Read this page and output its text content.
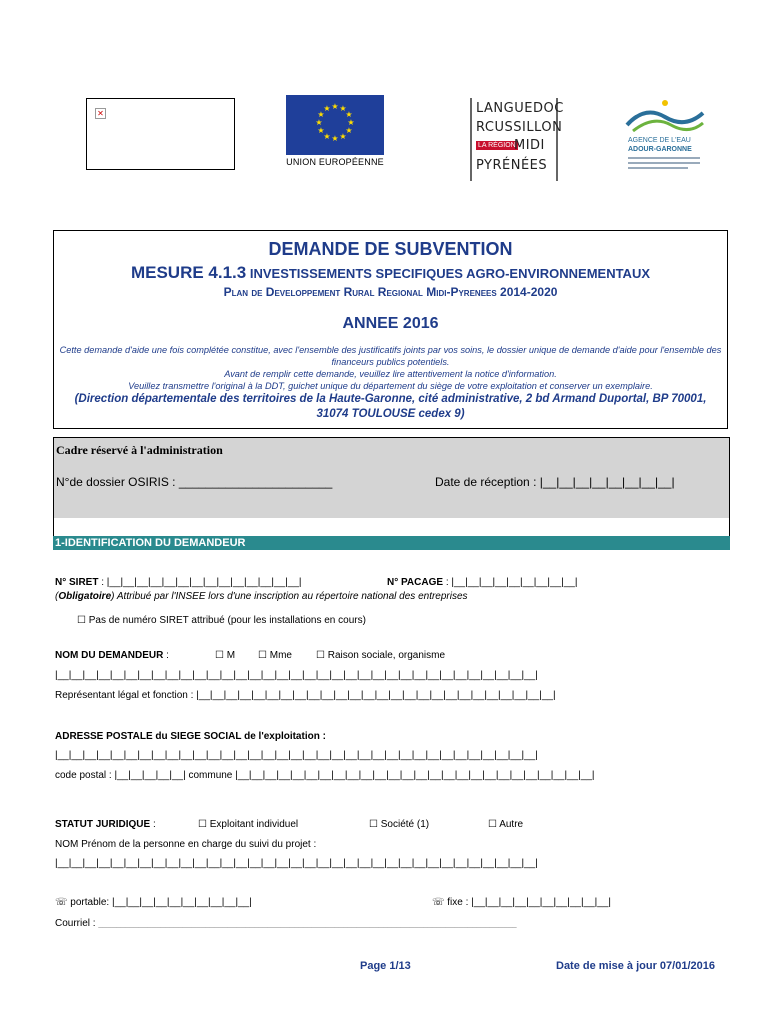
✕
★ ★
★
★
★
★
★
★
★
★
★
★
UNION EUROPÉENNE
LANGUEDOC
RCUSSILLON
LA RÉGION
MIDI
PYRÉNÉES
AGENCE DE L'EAU
ADOUR-GARONNE
DEMANDE DE SUBVENTION
MESURE 4.1.3 INVESTISSEMENTS SPECIFIQUES AGRO-ENVIRONNEMENTAUX
Plan de Developpement Rural Regional Midi-Pyrenees 2014-2020
ANNEE 2016
Cette demande d'aide une fois complétée constitue, avec l'ensemble des justificatifs joints par vos soins, le dossier unique de demande d'aide pour l'ensemble des financeurs publics potentiels.
Avant de remplir cette demande, veuillez lire attentivement la notice d'information.
Veuillez transmettre l'original à la DDT, guichet unique du département du siège de votre exploitation et conserver un exemplaire.
(Direction départementale des territoires de la Haute-Garonne, cité administrative, 2 bd Armand Duportal, BP 70001, 31074 TOULOUSE cedex 9)
Cadre réservé à l'administration
N°de dossier OSIRIS : _______________________	Date de réception : |__|__|__|__|__|__|__|__|
1-IDENTIFICATION DU DEMANDEUR
N° SIRET : |__|__|__|__|__|__|__|__|__|__|__|__|__|__|	N° PACAGE : |__|__|__|__|__|__|__|__|__|
(Obligatoire) Attribué par l'INSEE lors d'une inscription au répertoire national des entreprises
☐ Pas de numéro SIRET attribué (pour les installations en cours)
NOM DU DEMANDEUR :	☐ M ☐ Mme ☐ Raison sociale, organisme
|__|__|__|__|__|__|__|__|__|__|__|__|__|__|__|__|__|__|__|__|__|__|__|__|__|__|__|__|__|__|__|__|__|__|__|
Représentant légal et fonction : |__|__|__|__|__|__|__|__|__|__|__|__|__|__|__|__|__|__|__|__|__|__|__|__|__|__|
ADRESSE POSTALE du SIEGE SOCIAL de l'exploitation :
|__|__|__|__|__|__|__|__|__|__|__|__|__|__|__|__|__|__|__|__|__|__|__|__|__|__|__|__|__|__|__|__|__|__|__|
code postal : |__|__|__|__|__| commune |__|__|__|__|__|__|__|__|__|__|__|__|__|__|__|__|__|__|__|__|__|__|__|__|__|__|
STATUT JURIDIQUE :	☐ Exploitant individuel	☐ Société (1)	☐ Autre
NOM Prénom de la personne en charge du suivi du projet :
|__|__|__|__|__|__|__|__|__|__|__|__|__|__|__|__|__|__|__|__|__|__|__|__|__|__|__|__|__|__|__|__|__|__|__|
☏ portable: |__|__|__|__|__|__|__|__|__|__|	☏ fixe : |__|__|__|__|__|__|__|__|__|__|
Courriel : ______________________________________________________________________________________________
Page 1/13	Date de mise à jour 07/01/2016
